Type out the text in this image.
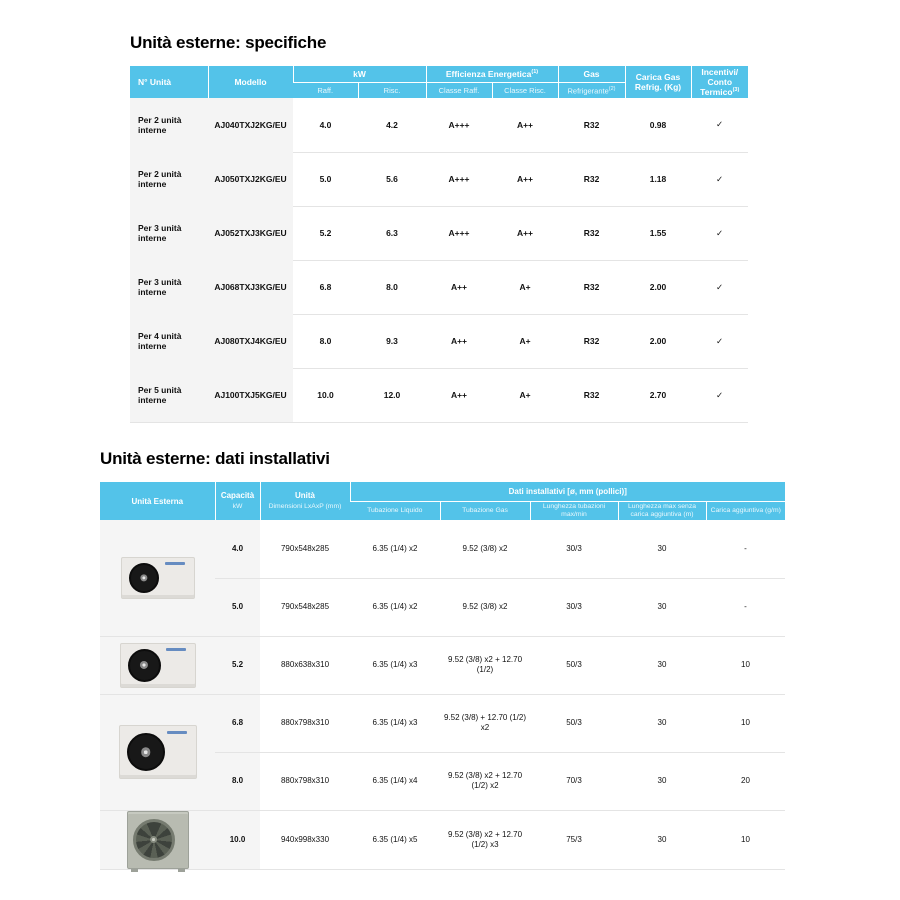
Unità esterne: specifiche
N° Unità	Modello	kW		Efficienza Energetica$^{(1)}$		Gas	Carica Gas
Refrig. (Kg)	Incentivi/
Conto Termico$^{(3)}$
		Raff.	Risc.	Classe Raff.	Classe Risc.	Refrigerante$^{(2)}$
Per 2 unità interne	AJ040TXJ2KG/EU	4.0	4.2	A+++	A++	R32	0.98	✓
Per 2 unità interne	AJ050TXJ2KG/EU	5.0	5.6	A+++	A++	R32	1.18	✓
Per 3 unità interne	AJ052TXJ3KG/EU	5.2	6.3	A+++	A++	R32	1.55	✓
Per 3 unità interne	AJ068TXJ3KG/EU	6.8	8.0	A++	A+	R32	2.00	✓
Per 4 unità interne	AJ080TXJ4KG/EU	8.0	9.3	A++	A+	R32	2.00	✓
Per 5 unità interne	AJ100TXJ5KG/EU	10.0	12.0	A++	A+	R32	2.70	✓
Unità esterne: dati installativi
Unità Esterna	Capacità
kW	Unità
Dimensioni LxAxP (mm)	Dati installativi [ø, mm (pollici)]				
			Tubazione Liquido	Tubazione Gas	Lunghezza tubazioni max/min	Lunghezza max senza carica aggiuntiva (m)	Carica aggiuntiva (g/m)

	4.0	790x548x285	6.35 (1/4) x2	9.52 (3/8) x2	30/3	30	-
	5.0	790x548x285	6.35 (1/4) x2	9.52 (3/8) x2	30/3	30	-

	5.2	880x638x310	6.35 (1/4) x3	9.52 (3/8) x2 + 12.70 (1/2)	50/3	30	10

	6.8	880x798x310	6.35 (1/4) x3	9.52 (3/8) + 12.70 (1/2) x2	50/3	30	10
	8.0	880x798x310	6.35 (1/4) x4	9.52 (3/8) x2 + 12.70 (1/2) x2	70/3	30	20

	10.0	940x998x330	6.35 (1/4) x5	9.52 (3/8) x2 + 12.70 (1/2) x3	75/3	30	10
